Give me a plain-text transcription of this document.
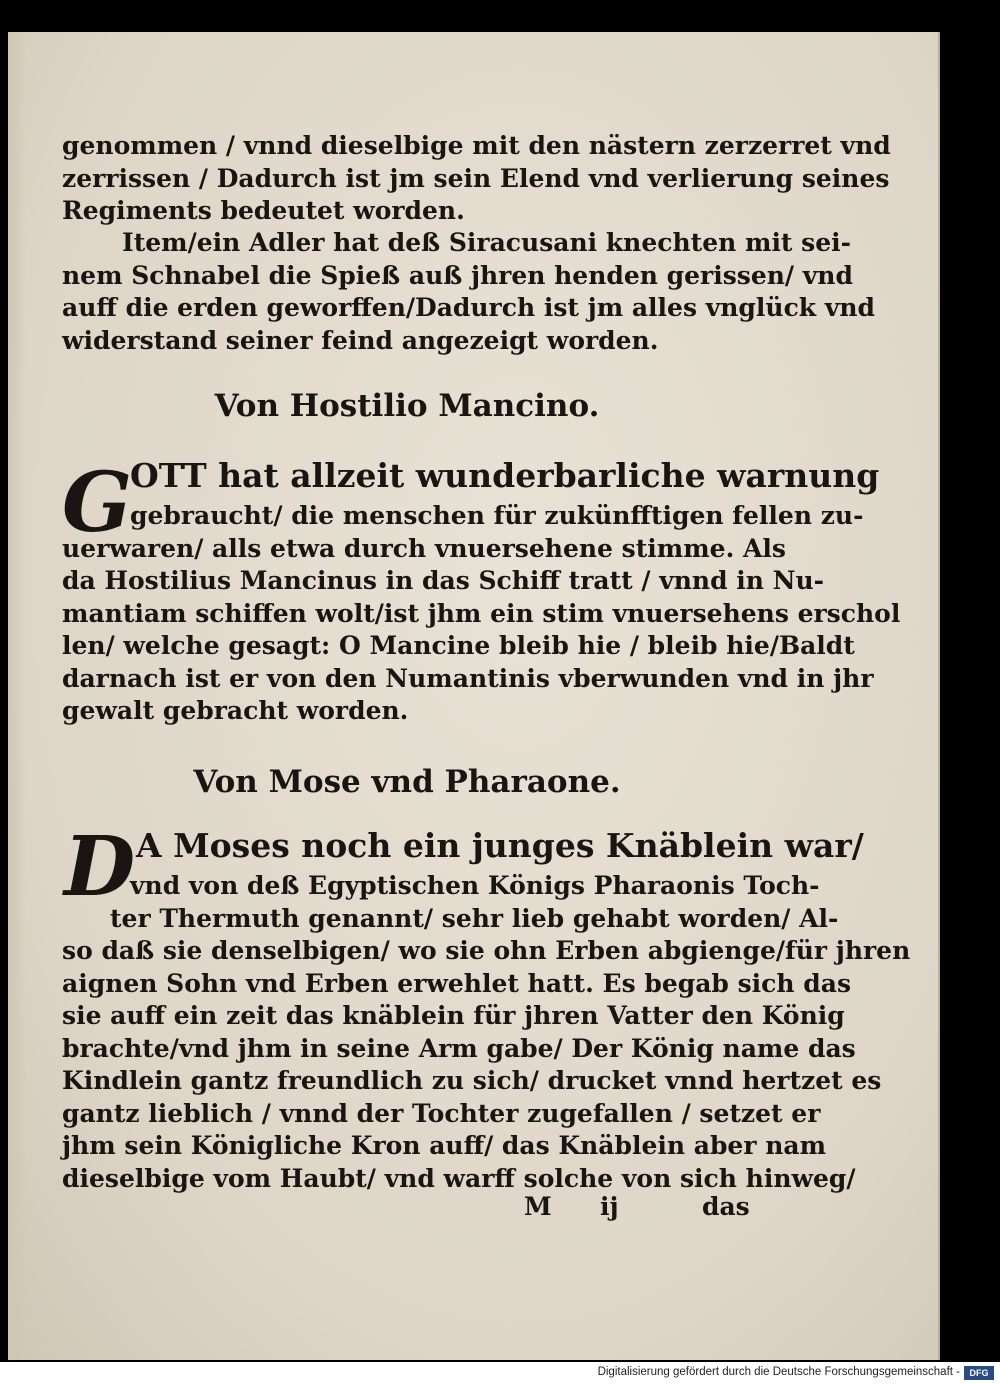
genommen / vnnd dieselbige mit den nästern zerzerret vnd
zerrissen / Dadurch ist jm sein Elend vnd verlierung seines
Regiments bedeutet worden.
Item/ein Adler hat deß Siracusani knechten mit sei-
nem Schnabel die Spieß auß jhren henden gerissen/ vnd
auff die erden geworffen/Dadurch ist jm alles vnglück vnd
widerstand seiner feind angezeigt worden.
Von Hostilio Mancino.
G
OTT hat allzeit wunderbarliche warnung
gebraucht/ die menschen für zukünfftigen fellen zu-
uerwaren/ alls etwa durch vnuersehene stimme. Als
da Hostilius Mancinus in das Schiff tratt / vnnd in Nu-
mantiam schiffen wolt/ist jhm ein stim vnuersehens erschol
len/ welche gesagt: O Mancine bleib hie / bleib hie/Baldt
darnach ist er von den Numantinis vberwunden vnd in jhr
gewalt gebracht worden.
Von Mose vnd Pharaone.
D A Moses noch ein junges Knäblein war/
vnd von deß Egyptischen Königs Pharaonis Toch-
ter Thermuth genannt/ sehr lieb gehabt worden/ Al-
so daß sie denselbigen/ wo sie ohn Erben abgienge/für jhren
aignen Sohn vnd Erben erwehlet hatt. Es begab sich das
sie auff ein zeit das knäblein für jhren Vatter den König
brachte/vnd jhm in seine Arm gabe/ Der König name das
Kindlein gantz freundlich zu sich/ drucket vnnd hertzet es
gantz lieblich / vnnd der Tochter zugefallen / setzet er
jhm sein Königliche Kron auff/ das Knäblein aber nam
dieselbige vom Haubt/ vnd warff solche von sich hinweg/
M ij	das
Digitalisierung gefördert durch die Deutsche Forschungsgemeinschaft -	DFG
